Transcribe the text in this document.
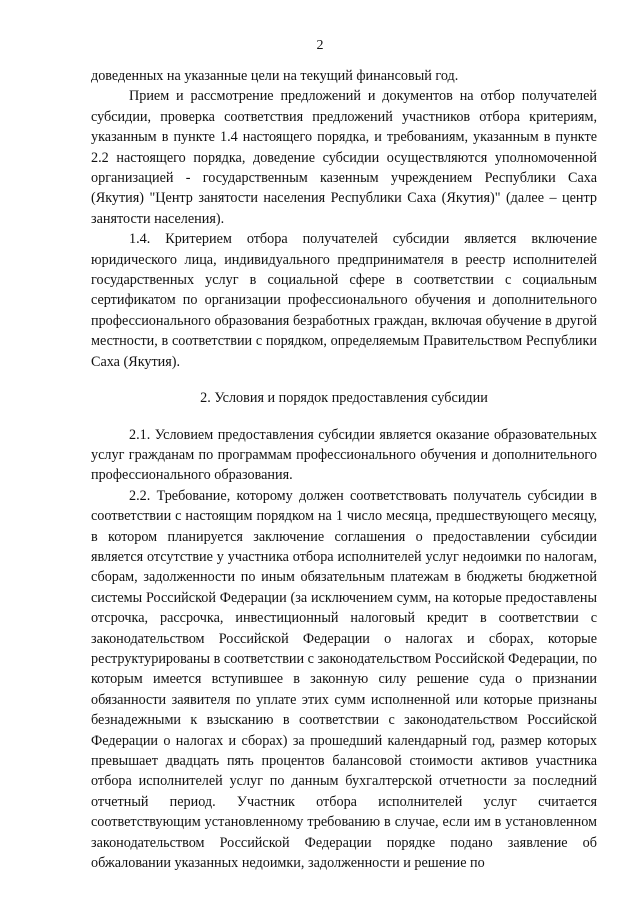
2

доведенных на указанные цели на текущий финансовый год.

Прием и рассмотрение предложений и документов на отбор получателей субсидии, проверка соответствия предложений участников отбора критериям, указанным в пункте 1.4 настоящего порядка, и требованиям, указанным в пункте 2.2 настоящего порядка, доведение субсидии осуществляются уполномоченной организацией - государственным казенным учреждением Республики Саха (Якутия) "Центр занятости населения Республики Саха (Якутия)" (далее – центр занятости населения).

1.4. Критерием отбора получателей субсидии является включение юридического лица, индивидуального предпринимателя в реестр исполнителей государственных услуг в социальной сфере в соответствии с социальным сертификатом по организации профессионального обучения и дополнительного профессионального образования безработных граждан, включая обучение в другой местности, в соответствии с порядком, определяемым Правительством Республики Саха (Якутия).

2. Условия и порядок предоставления субсидии

2.1. Условием предоставления субсидии является оказание образовательных услуг гражданам по программам профессионального обучения и дополнительного профессионального образования.

2.2. Требование, которому должен соответствовать получатель субсидии в соответствии с настоящим порядком на 1 число месяца, предшествующего месяцу, в котором планируется заключение соглашения о предоставлении субсидии является отсутствие у участника отбора исполнителей услуг недоимки по налогам, сборам, задолженности по иным обязательным платежам в бюджеты бюджетной системы Российской Федерации (за исключением сумм, на которые предоставлены отсрочка, рассрочка, инвестиционный налоговый кредит в соответствии с законодательством Российской Федерации о налогах и сборах, которые реструктурированы в соответствии с законодательством Российской Федерации, по которым имеется вступившее в законную силу решение суда о признании обязанности заявителя по уплате этих сумм исполненной или которые признаны безнадежными к взысканию в соответствии с законодательством Российской Федерации о налогах и сборах) за прошедший календарный год, размер которых превышает двадцать пять процентов балансовой стоимости активов участника отбора исполнителей услуг по данным бухгалтерской отчетности за последний отчетный период. Участник отбора исполнителей услуг считается соответствующим установленному требованию в случае, если им в установленном законодательством Российской Федерации порядке подано заявление об обжаловании указанных недоимки, задолженности и решение по
